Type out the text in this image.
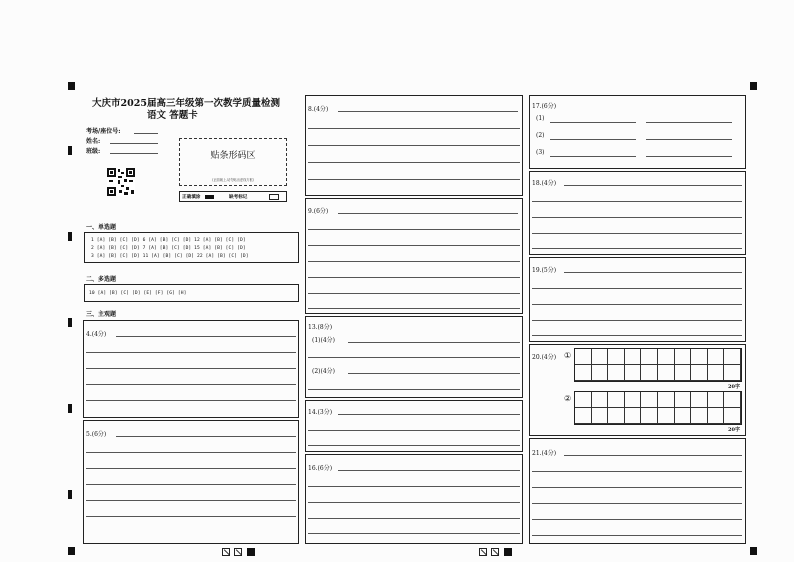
大庆市2025届高三年级第一次教学质量检测
语文 答题卡
考场/座位号:
姓名:
班级:	贴条形码区
(正面朝上,切勿贴出虚线方框)
正确填涂	缺考标记
一、单选题
1 [A] [B] [C] [D] 6 [A] [B] [C] [D] 12 [A] [B] [C] [D]
2 [A] [B] [C] [D] 7 [A] [B] [C] [D] 15 [A] [B] [C] [D]
3 [A] [B] [C] [D] 11 [A] [B] [C] [D] 22 [A] [B] [C] [D]
二、多选题
10 [A] [B] [C] [D] [E] [F] [G] [H]
三、主观题
4.(4分)
5.(6分)
8.(4分)
9.(6分)
13.(8分)
(1)(4分)
(2)(4分)
14.(3分)
16.(6分)
17.(6分)
(1)
(2)
(3)
18.(4分)
19.(5分)
20.(4分) ①
20字
②
20字
21.(4分)
